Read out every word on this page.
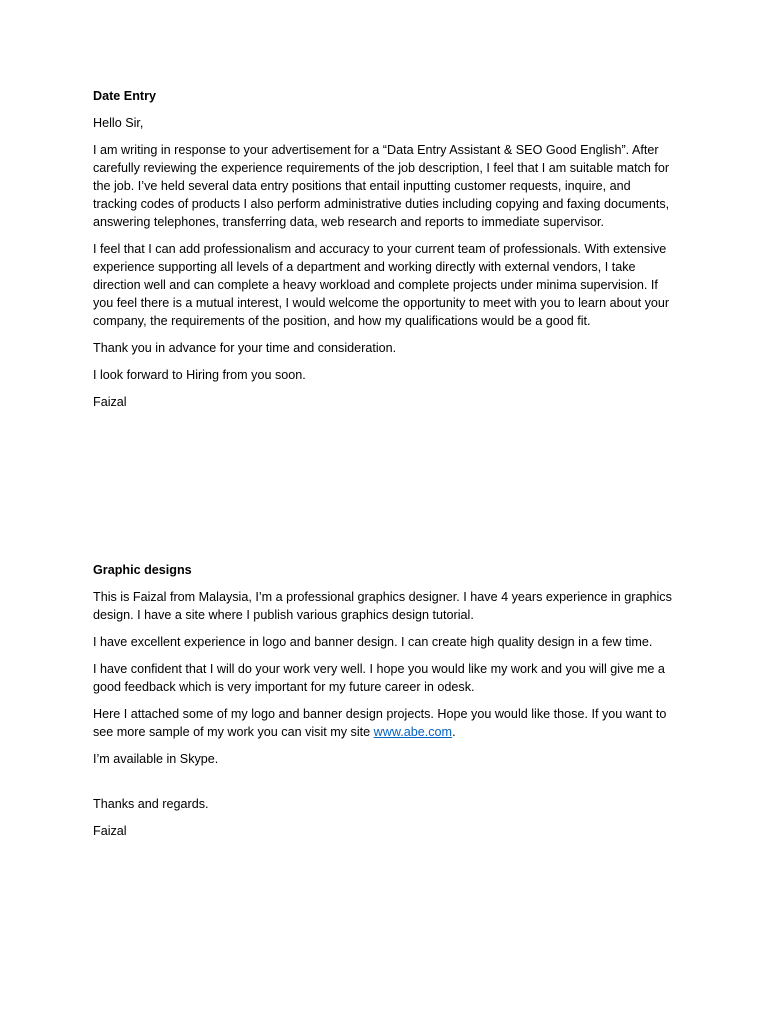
Date Entry

Hello Sir,

I am writing in response to your advertisement for a “Data Entry Assistant & SEO Good English”. After carefully reviewing the experience requirements of the job description, I feel that I am suitable match for the job. I’ve held several data entry positions that entail inputting customer requests, inquire, and tracking codes of products I also perform administrative duties including copying and faxing documents, answering telephones, transferring data, web research and reports to immediate supervisor.

I feel that I can add professionalism and accuracy to your current team of professionals. With extensive experience supporting all levels of a department and working directly with external vendors, I take direction well and can complete a heavy workload and complete projects under minima supervision. If you feel there is a mutual interest, I would welcome the opportunity to meet with you to learn about your company, the requirements of the position, and how my qualifications would be a good fit.

Thank you in advance for your time and consideration.

I look forward to Hiring from you soon.

Faizal

Graphic designs

This is Faizal from Malaysia, I’m a professional graphics designer. I have 4 years experience in graphics design. I have a site where I publish various graphics design tutorial.

I have excellent experience in logo and banner design. I can create high quality design in a few time.

I have confident that I will do your work very well. I hope you would like my work and you will give me a good feedback which is very important for my future career in odesk.

Here I attached some of my logo and banner design projects. Hope you would like those. If you want to see more sample of my work you can visit my site www.abe.com.

I’m available in Skype.

Thanks and regards.

Faizal
